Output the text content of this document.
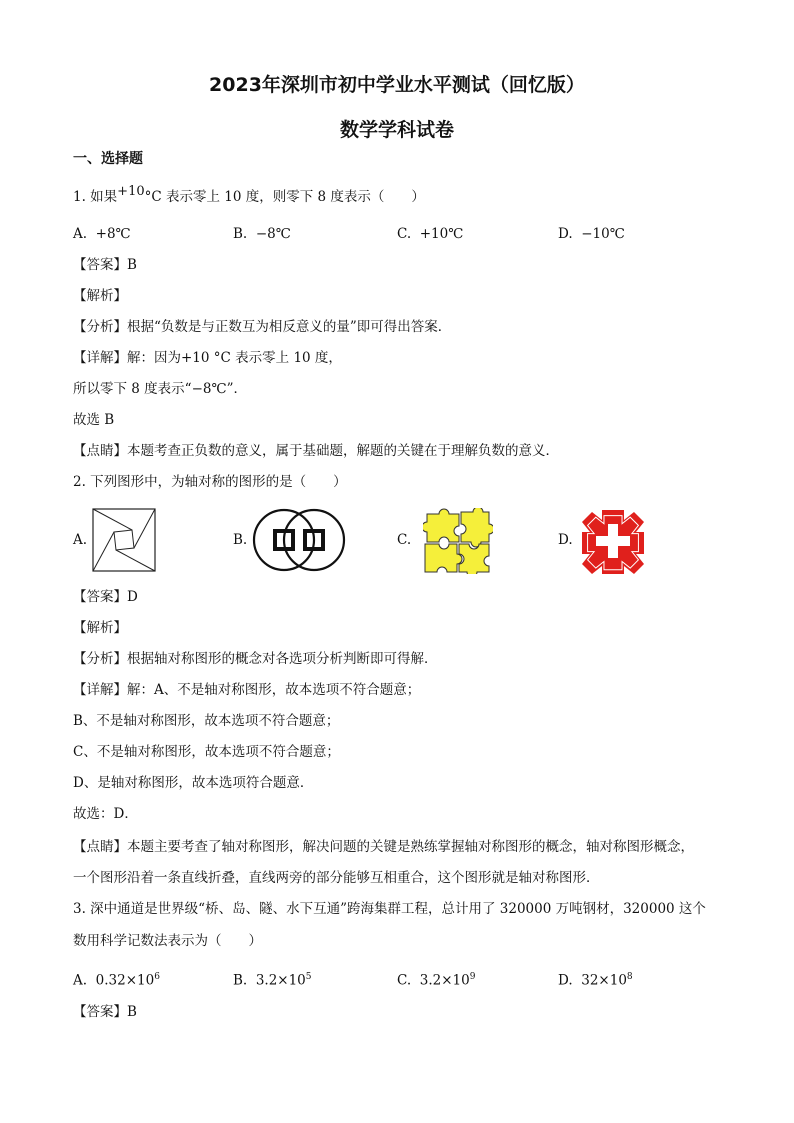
2023年深圳市初中学业水平测试（回忆版）
数学学科试卷
一、选择题
1. 如果+10°C 表示零上 10 度，则零下 8 度表示（　　）
A. +8℃	B. −8℃	C. +10℃	D. −10℃
【答案】B
【解析】
【分析】根据“负数是与正数互为相反意义的量”即可得出答案．
【详解】解：因为+10 °C 表示零上 10 度，
所以零下 8 度表示“−8℃”．
故选 B
【点睛】本题考查正负数的意义，属于基础题，解题的关键在于理解负数的意义．
2. 下列图形中，为轴对称的图形的是（　　）
A.	B.	C.	D.
【答案】D
【解析】
【分析】根据轴对称图形的概念对各选项分析判断即可得解．
【详解】解：A、不是轴对称图形，故本选项不符合题意；
B、不是轴对称图形，故本选项不符合题意；
C、不是轴对称图形，故本选项不符合题意；
D、是轴对称图形，故本选项符合题意．
故选：D．
【点睛】本题主要考查了轴对称图形，解决问题的关键是熟练掌握轴对称图形的概念，轴对称图形概念，
一个图形沿着一条直线折叠，直线两旁的部分能够互相重合，这个图形就是轴对称图形．
3. 深中通道是世界级“桥、岛、隧、水下互通”跨海集群工程，总计用了 320000 万吨钢材，320000 这个
数用科学记数法表示为（　　）
A. $0.32\times 10^6$	B. $3.2\times 10^5$	C. $3.2\times 10^9$	D. $32\times 10^8$
【答案】B
